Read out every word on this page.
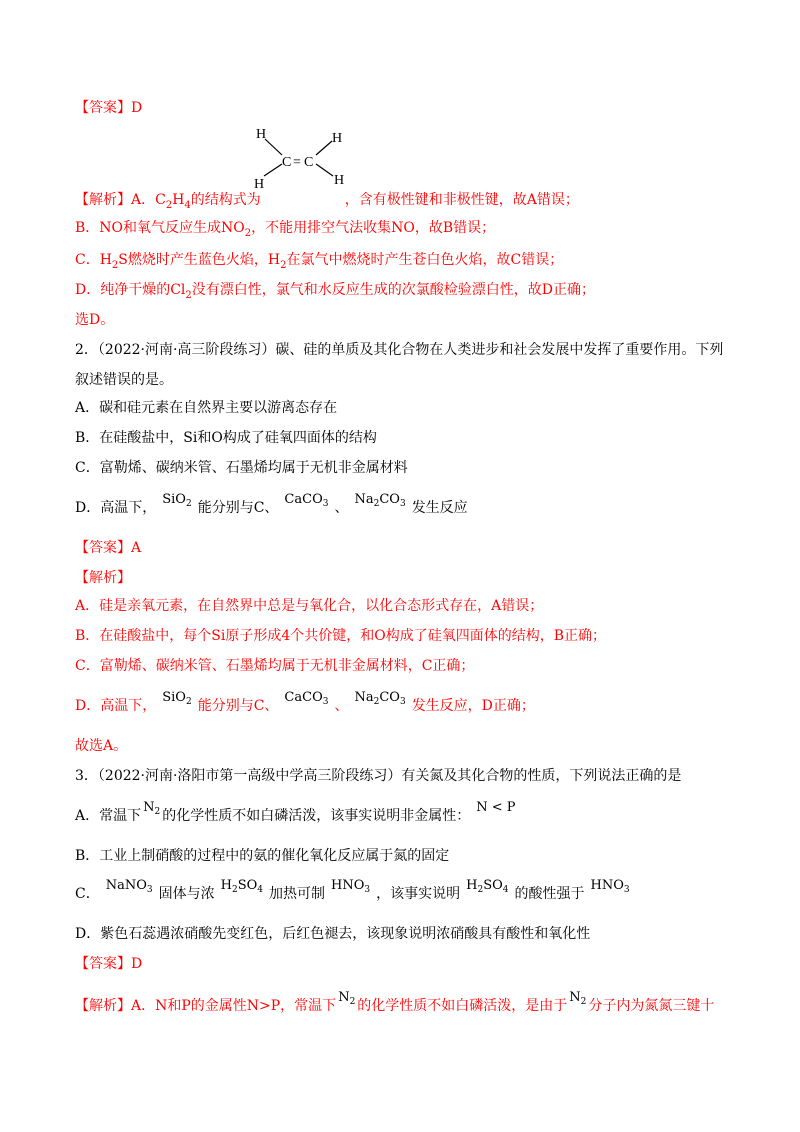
【答案】D
H	H
H	H
C = C
【解析】A．$C_2H_4$的结构式为	，含有极性键和非极性键，故A错误；
B．NO和氧气反应生成$NO_2$，不能用排空气法收集NO，故B错误；
C．$H_2S$燃烧时产生蓝色火焰，$H_2$在氯气中燃烧时产生苍白色火焰，故C错误；
D．纯净干燥的$Cl_2$没有漂白性，氯气和水反应生成的次氯酸检验漂白性，故D正确；
选D。
2．（2022·河南·高三阶段练习）碳、硅的单质及其化合物在人类进步和社会发展中发挥了重要作用。下列
叙述错误的是。
A．碳和硅元素在自然界主要以游离态存在
B．在硅酸盐中，Si和O构成了硅氧四面体的结构
C．富勒烯、碳纳米管、石墨烯均属于无机非金属材料
D．高温下，SiO$_2$ 能分别与C、CaCO$_3$ 、$Na_2CO_3$ 发生反应
【答案】A
【解析】
A．硅是亲氧元素，在自然界中总是与氧化合，以化合态形式存在，A错误；
B．在硅酸盐中，每个Si原子形成4个共价键，和O构成了硅氧四面体的结构，B正确；
C．富勒烯、碳纳米管、石墨烯均属于无机非金属材料，C正确；
D．高温下，SiO$_2$ 能分别与C、CaCO$_3$ 、$Na_2CO_3$ 发生反应，D正确；
故选A。
3．（2022·河南·洛阳市第一高级中学高三阶段练习）有关氮及其化合物的性质，下列说法正确的是
A．常温下$N_2$ 的化学性质不如白磷活泼，该事实说明非金属性：N < P
B．工业上制硝酸的过程中的氨的催化氧化反应属于氮的固定
C．NaNO$_3$ 固体与浓$H_2SO_4$ 加热可制$HNO_3$ ，该事实说明$H_2SO_4$ 的酸性强于$HNO_3$
D．紫色石蕊遇浓硝酸先变红色，后红色褪去，该现象说明浓硝酸具有酸性和氧化性
【答案】D
【解析】A．N和P的金属性N>P，常温下$N_2$ 的化学性质不如白磷活泼，是由于$N_2$ 分子内为氮氮三键十
